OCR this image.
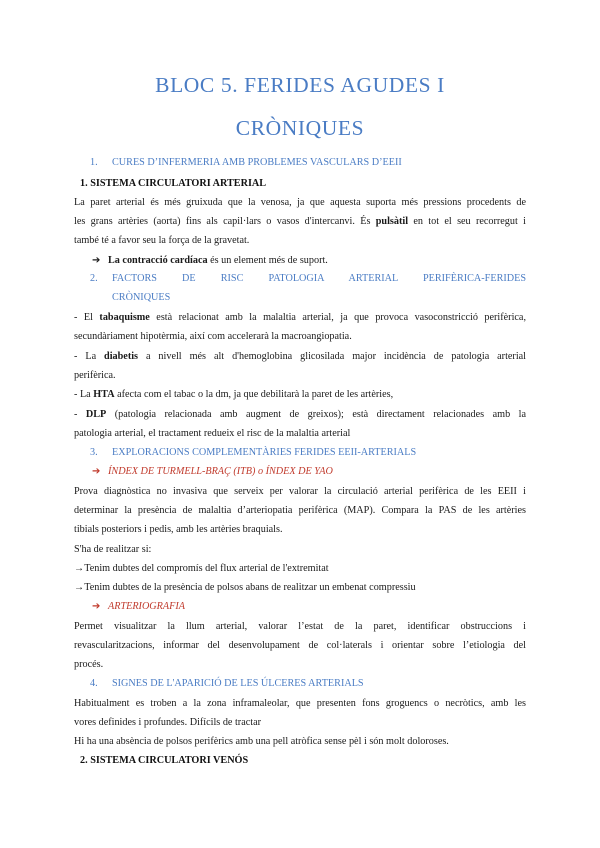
BLOC 5. FERIDES AGUDES I
CRÒNIQUES
1. CURES D’INFERMERIA AMB PROBLEMES VASCULARS D’EEII
1. SISTEMA CIRCULATORI ARTERIAL
La paret arterial és més gruixuda que la venosa, ja que aquesta suporta més pressions procedents de
les grans artèries (aorta) fins als capil·lars o vasos d'intercanvi. És pulsàtil en tot el seu recorregut i
també té a favor seu la força de la gravetat.
➔ La contracció cardíaca és un element més de suport.
2. FACTORS DE RISC PATOLOGIA ARTERIAL PERIFÈRICA-FERIDES
CRÒNIQUES
- El tabaquisme està relacionat amb la malaltia arterial, ja que provoca vasoconstricció perifèrica,
secundàriament hipotèrmia, així com accelerarà la macroangiopatia.
- La diabetis a nivell més alt d'hemoglobina glicosilada major incidència de patologia arterial
perifèrica.
- La HTA afecta com el tabac o la dm, ja que debilitarà la paret de les artèries,
- DLP (patologia relacionada amb augment de greixos); està directament relacionades amb la
patologia arterial, el tractament redueix el risc de la malaltia arterial
3. EXPLORACIONS COMPLEMENTÀRIES FERIDES EEII-ARTERIALS
➔ ÍNDEX DE TURMELL-BRAÇ (ITB) o ÍNDEX DE YAO
Prova diagnòstica no invasiva que serveix per valorar la circulació arterial perifèrica de les EEII i
determinar la presència de malaltia d’arteriopatia perifèrica (MAP). Compara la PAS de les artèries
tibials posteriors i pedis, amb les artèries braquials.
S'ha de realitzar si:
→Tenim dubtes del compromís del flux arterial de l'extremitat
→Tenim dubtes de la presència de polsos abans de realitzar un embenat compressiu
➔ ARTERIOGRAFIA
Permet visualitzar la llum arterial, valorar l’estat de la paret, identificar obstruccions i
revascularitzacions, informar del desenvolupament de col·laterals i orientar sobre l’etiologia del
procés.
4. SIGNES DE L'APARICIÓ DE LES ÚLCERES ARTERIALS
Habitualment es troben a la zona inframaleolar, que presenten fons groguencs o necròtics, amb les
vores definides i profundes. Difícils de tractar
Hi ha una absència de polsos perifèrics amb una pell atròfica sense pèl i són molt doloroses.
2. SISTEMA CIRCULATORI VENÓS
